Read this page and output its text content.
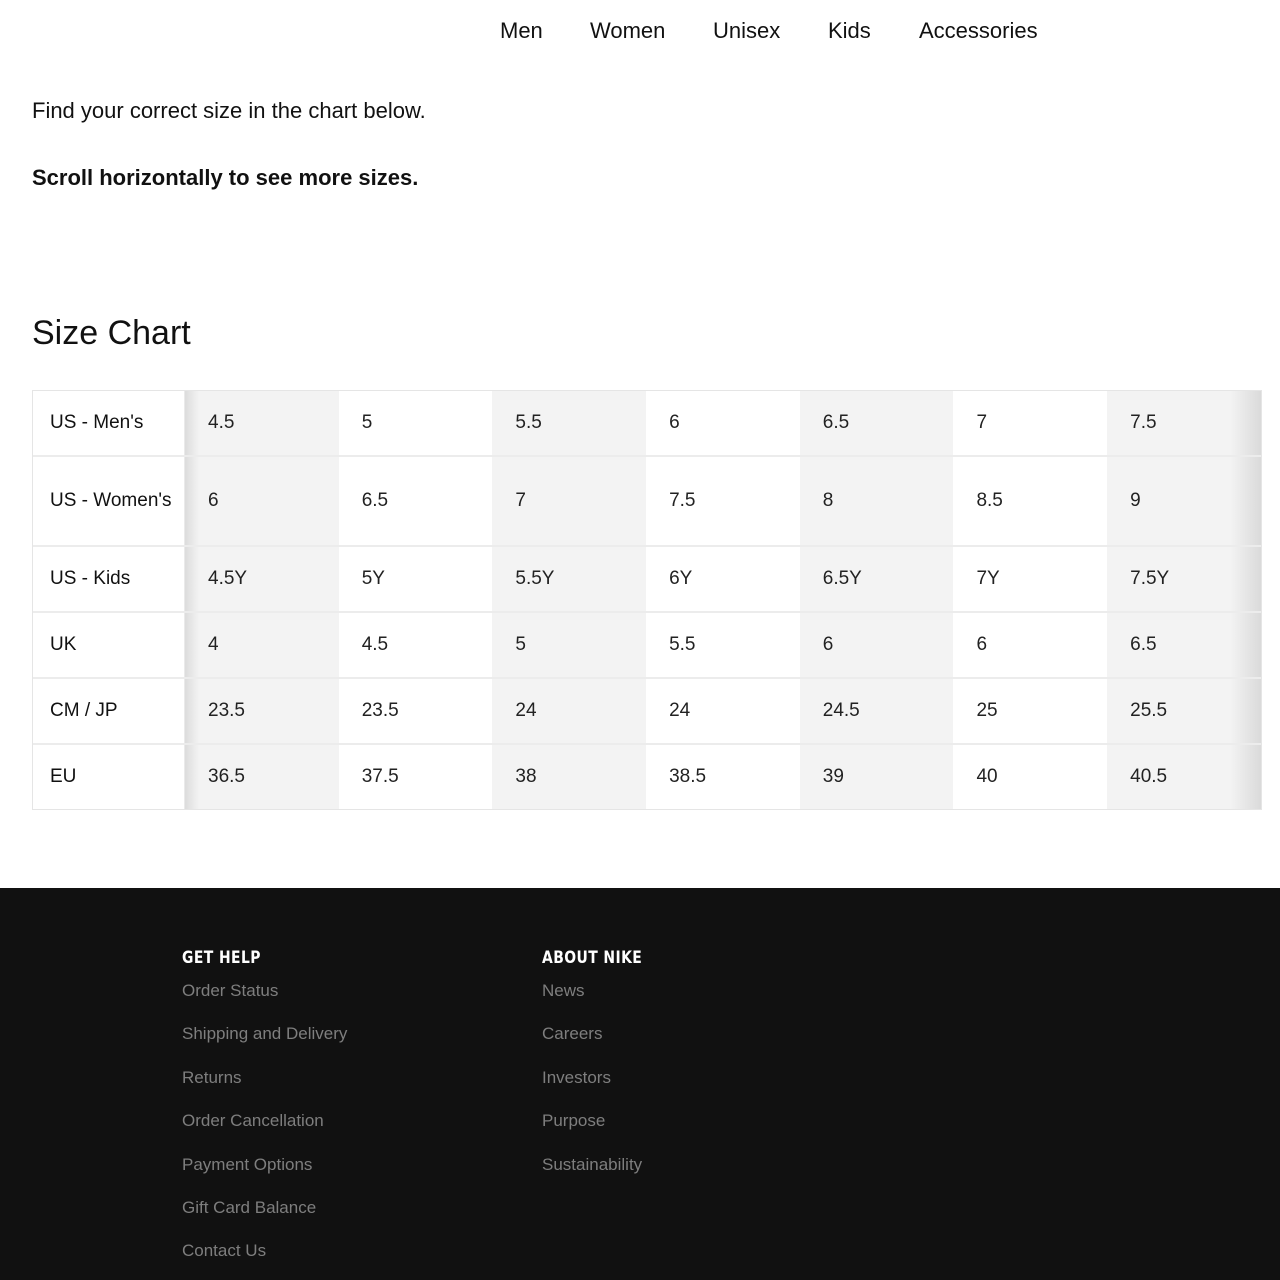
Men Women Unisex Kids Accessories

Find your correct size in the chart below.

Scroll horizontally to see more sizes.

Size Chart
US - Men's	4.5	5	5.5	6	6.5	7	7.5
US - Women's	6	6.5	7	7.5	8	8.5	9
US - Kids	4.5Y	5Y	5.5Y	6Y	6.5Y	7Y	7.5Y
UK	4	4.5	5	5.5	6	6	6.5
CM / JP	23.5	23.5	24	24	24.5	25	25.5
EU	36.5	37.5	38	38.5	39	40	40.5
GET HELP
Order Status
Shipping and Delivery
Returns
Order Cancellation
Payment Options
Gift Card Balance
Contact Us
ABOUT NIKE
News
Careers
Investors
Purpose
Sustainability
